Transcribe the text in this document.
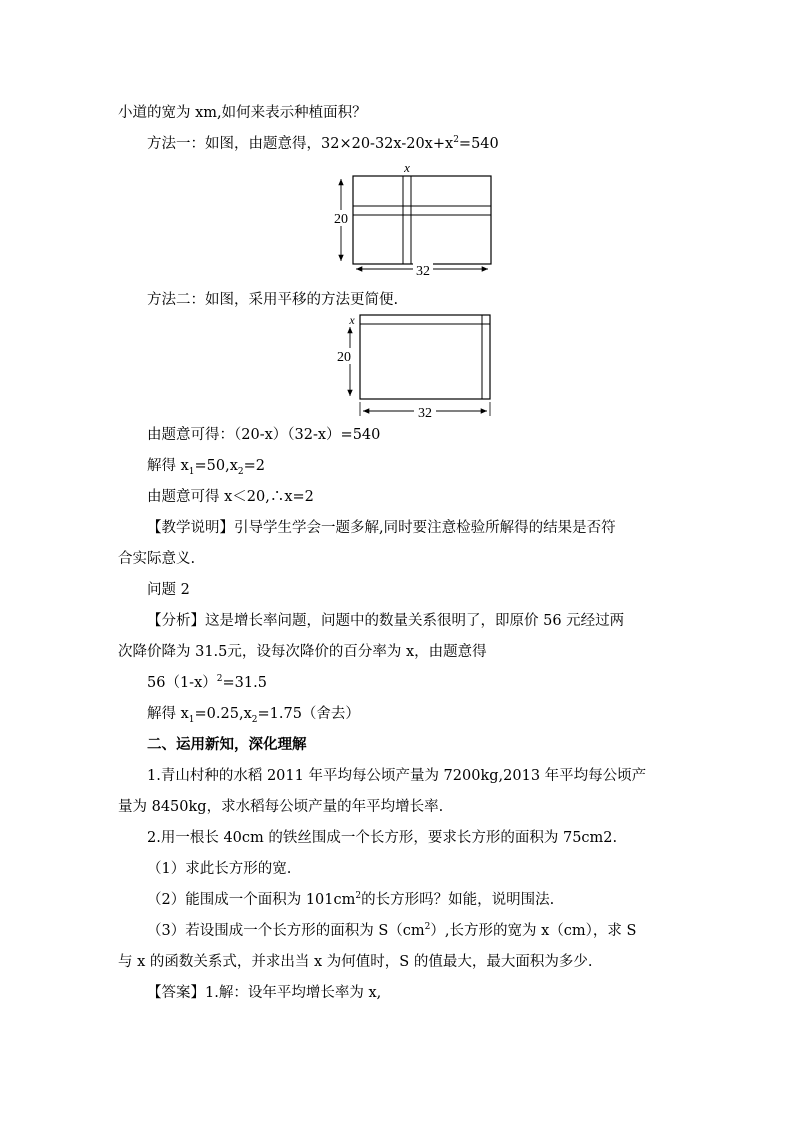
小道的宽为 xm,如何来表示种植面积？
方法一：如图，由题意得，$32\times 20-32x-20x+x^2=540$
20
32
x
方法二：如图，采用平移的方法更简便.
20
32
x
由题意可得：（20-x）（32-x）=540
解得 $x_1=50,x_2=2$
由题意可得 x＜20,∴x=2
【教学说明】引导学生学会一题多解,同时要注意检验所解得的结果是否符
合实际意义.
问题 2
【分析】这是增长率问题，问题中的数量关系很明了，即原价 56 元经过两
次降价降为 31.5元，设每次降价的百分率为 x，由题意得
$56(1-x)^2=31.5$
解得 $x_1=0.25,x_2=1.75$（舍去）
二、运用新知，深化理解
1.青山村种的水稻 2011 年平均每公顷产量为 7200kg,2013 年平均每公顷产
量为 8450kg，求水稻每公顷产量的年平均增长率.
2.用一根长 40cm 的铁丝围成一个长方形，要求长方形的面积为 75cm2.
（1）求此长方形的宽.
（2）能围成一个面积为 $101cm^2$的长方形吗？如能，说明围法.
（3）若设围成一个长方形的面积为 $S(cm^2)$,长方形的宽为 x（cm），求 S
与 x 的函数关系式，并求出当 x 为何值时，S 的值最大，最大面积为多少.
【答案】1.解：设年平均增长率为 x,
